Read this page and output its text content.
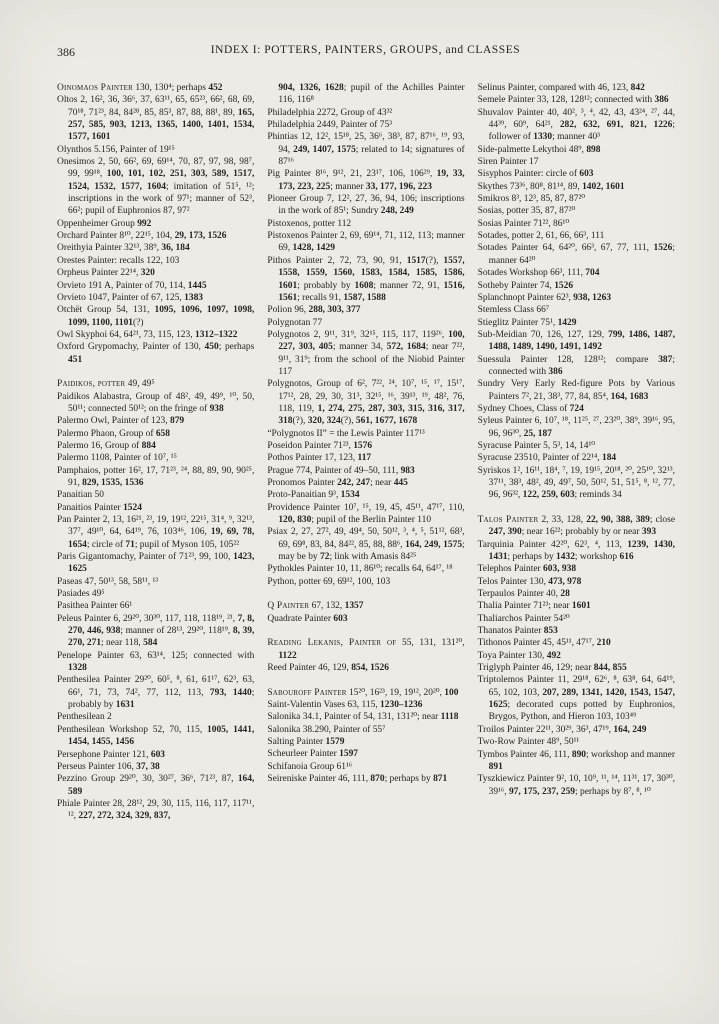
386	INDEX I: POTTERS, PAINTERS, GROUPS, and CLASSES
Oinomaos Painter 130, 130⁴; perhaps 452
Oltos 2, 16², 36, 36⁶, 37, 63¹¹, 65, 65²³, 66², 68, 69, 70¹⁸, 71²³, 84, 84²⁸, 85, 85³, 87, 88, 88¹, 89, 165, 257, 585, 903, 1213, 1365, 1400, 1401, 1534, 1577, 1601
Olynthos 5.156, Painter of 19¹⁵
Onesimos 2, 50, 66², 69, 69¹⁴, 70, 87, 97, 98, 98⁷, 99, 99¹⁸, 100, 101, 102, 251, 303, 589, 1517, 1524, 1532, 1577, 1604; imitation of 51⁵, ¹²; inscriptions in the work of 97¹; manner of 52³, 66²; pupil of Euphronios 87, 97²
Oppenheimer Group 992
Orchard Painter 8¹⁰, 22¹⁵, 104, 29, 173, 1526
Oreithyia Painter 32¹³, 38⁹, 36, 184
Orestes Painter: recalls 122, 103
Orpheus Painter 22¹⁴, 320
Orvieto 191 A, Painter of 70, 114, 1445
Orvieto 1047, Painter of 67, 125, 1383
Otchët Group 54, 131, 1095, 1096, 1097, 1098, 1099, 1100, 1101(?)
Owl Skyphoi 64, 64²¹, 73, 115, 123, 1312–1322
Oxford Grypomachy, Painter of 130, 450; perhaps 451
Paidikos, potter 49, 49⁵
Paidikos Alabastra, Group of 48², 49, 49⁹, ¹⁰, 50, 50¹¹; connected 50¹²; on the fringe of 938
Palermo Owl, Painter of 123, 879
Palermo Phaon, Group of 658
Palermo 16, Group of 884
Palermo 1108, Painter of 10⁷, ¹⁵
Pamphaios, potter 16², 17, 71²³, ²⁴, 88, 89, 90, 90²⁵, 91, 829, 1535, 1536
Panaitian 50
Panaitios Painter 1524
Pan Painter 2, 13, 16²¹, ²³, 19, 19¹², 22¹⁵, 31⁴, ⁹, 32¹³, 37⁷, 49¹⁰, 64, 64¹⁹, 76, 103⁴⁶, 106, 19, 69, 78, 1654; circle of 71; pupil of Myson 105, 105²²
Paris Gigantomachy, Painter of 71²³, 99, 100, 1423, 1625
Paseas 47, 50¹³, 58, 58¹¹, ¹³
Pasiades 49⁵
Pasithea Painter 66¹
Peleus Painter 6, 29²⁰, 30³⁰, 117, 118, 118¹⁹, ²¹, 7, 8, 270, 446, 938; manner of 28¹³, 29²⁰, 118¹⁹, 8, 39, 270, 271; near 118, 584
Penelope Painter 63, 63¹⁴, 125; connected with 1328
Penthesilea Painter 29²⁰, 60⁵, ⁸, 61, 61¹⁷, 62³, 63, 66¹, 71, 73, 74², 77, 112, 113, 793, 1440; probably by 1631
Penthesilean 2
Penthesilean Workshop 52, 70, 115, 1005, 1441, 1454, 1455, 1456
Persephone Painter 121, 603
Perseus Painter 106, 37, 38
Pezzino Group 29²⁰, 30, 30²⁷, 36⁶, 71²³, 87, 164, 589
Phiale Painter 28, 28¹², 29, 30, 115, 116, 117, 117¹¹, ¹², 227, 272, 324, 329, 837,
904, 1326, 1628; pupil of the Achilles Painter 116, 116⁸
Philadelphia 2272, Group of 43³²
Philadelphia 2449, Painter of 75³
Phintias 12, 12², 15¹⁸, 25, 36⁶, 38³, 87, 87¹⁶, ¹⁹, 93, 94, 249, 1407, 1575; related to 14; signatures of 87¹⁶
Pig Painter 8¹⁶, 9¹², 21, 23¹⁷, 106, 106²⁹, 19, 33, 173, 223, 225; manner 33, 177, 196, 223
Pioneer Group 7, 12², 27, 36, 94, 106; inscriptions in the work of 85¹; Sundry 248, 249
Pistoxenos, potter 112
Pistoxenos Painter 2, 69, 69¹⁴, 71, 112, 113; manner 69, 1428, 1429
Pithos Painter 2, 72, 73, 90, 91, 1517(?), 1557, 1558, 1559, 1560, 1583, 1584, 1585, 1586, 1601; probably by 1608; manner 72, 91, 1516, 1561; recalls 91, 1587, 1588
Polion 96, 288, 303, 377
Polygnotan 77
Polygnotos 2, 9¹¹, 31⁹, 32¹⁵, 115, 117, 119²⁶, 100, 227, 303, 405; manner 34, 572, 1684; near 7²², 9¹¹, 31⁹; from the school of the Niobid Painter 117
Polygnotos, Group of 6², 7²², ²⁴, 10⁷, ¹⁵, ¹⁷, 15¹⁷, 17¹², 28, 29, 30, 31³, 32¹⁵, ¹⁶, 39¹³, ¹⁹, 48², 76, 118, 119, 1, 274, 275, 287, 303, 315, 316, 317, 318(?), 320, 324(?), 561, 1677, 1678
“Polygnotos II” = the Lewis Painter 117¹³
Poseidon Painter 71²³, 1576
Pothos Painter 17, 123, 117
Prague 774, Painter of 49–50, 111, 983
Pronomos Painter 242, 247; near 445
Proto-Panaitian 9³, 1534
Providence Painter 10⁷, ¹⁵, 19, 45, 45¹¹, 47¹⁷, 110, 120, 830; pupil of the Berlin Painter 110
Psiax 2, 27, 27², 49, 49⁴, 50, 50¹², ³, ⁴, ⁵, 51¹², 68³, 69, 69⁸, 83, 84, 84²², 85, 88, 88⁶, 164, 249, 1575; may be by 72; link with Amasis 84²⁵
Pythokles Painter 10, 11, 86¹⁰; recalls 64, 64¹⁷, ¹⁸
Python, potter 69, 69¹², 100, 103
Q Painter 67, 132, 1357
Quadrate Painter 603
Reading Lekanis, Painter of 55, 131, 131²⁰, 1122
Reed Painter 46, 129, 854, 1526
Sabouroff Painter 15²⁰, 16²³, 19, 19¹², 20²⁰, 100
Saint-Valentin Vases 63, 115, 1230–1236
Salonika 34.1, Painter of 54, 131, 131²⁰; near 1118
Salonika 38.290, Painter of 55⁷
Salting Painter 1579
Scheurleer Painter 1597
Schifanoia Group 61¹⁶
Seireniske Painter 46, 111, 870; perhaps by 871
Selinus Painter, compared with 46, 123, 842
Semele Painter 33, 128, 128¹²; connected with 386
Shuvalov Painter 40, 40², ³, ⁴, 42, 43, 43²⁴, ²⁷, 44, 44³⁹, 60⁹, 64²¹, 282, 632, 691, 821, 1226; follower of 1330; manner 40³
Side-palmette Lekythoi 48⁹, 898
Siren Painter 17
Sisyphos Painter: circle of 603
Skythes 73³⁶, 80⁸, 81¹⁴, 89, 1402, 1601
Smikros 8³, 12³, 85, 87, 87²⁰
Sosias, potter 35, 87, 87²⁰
Sosias Painter 71²², 86¹⁰
Sotades, potter 2, 61, 66, 66³, 111
Sotades Painter 64, 64²⁰, 66³, 67, 77, 111, 1526; manner 64²⁰
Sotades Workshop 66³, 111, 704
Sotheby Painter 74, 1526
Splanchnopt Painter 62³, 938, 1263
Stemless Class 66⁷
Stieglitz Painter 75¹, 1429
Sub-Meidian 70, 126, 127, 129, 799, 1486, 1487, 1488, 1489, 1490, 1491, 1492
Suessula Painter 128, 128¹²; compare 387; connected with 386
Sundry Very Early Red-figure Pots by Various Painters 7², 21, 38³, 77, 84, 85⁴, 164, 1683
Sydney Choes, Class of 724
Syleus Painter 6, 10⁷, ¹⁸, 11²⁵, ²⁷, 23²⁰, 38⁹, 39¹⁶, 95, 96, 96³⁰, 25, 187
Syracuse Painter 5, 5³, 14, 14¹⁰
Syracuse 23510, Painter of 22¹⁴, 184
Syriskos 1², 16¹¹, 18⁴, ⁷, 19, 19¹⁵, 20¹⁸, ²⁰, 25¹⁰, 32¹³, 37¹¹, 38³, 48², 49, 49⁷, 50, 50¹², 51, 51⁵, ⁸, ¹², 77, 96, 96³², 122, 259, 603; reminds 34
Talos Painter 2, 33, 128, 22, 90, 388, 389; close 247, 390; near 16²²; probably by or near 393
Tarquinia Painter 42²⁰, 62³, ⁴, 113, 1239, 1430, 1431; perhaps by 1432; workshop 616
Telephos Painter 603, 938
Telos Painter 130, 473, 978
Terpaulos Painter 40, 28
Thalia Painter 71²³; near 1601
Thaliarchos Painter 54²⁰
Thanatos Painter 853
Tithonos Painter 45, 45¹¹, 47¹⁷, 210
Toya Painter 130, 492
Triglyph Painter 46, 129; near 844, 855
Triptolemos Painter 11, 29¹⁸, 62⁶, ⁸, 63⁸, 64, 64¹⁹, 65, 102, 103, 207, 289, 1341, 1420, 1543, 1547, 1625; decorated cups potted by Euphronios, Brygos, Python, and Hieron 103, 103⁴⁹
Troilos Painter 22¹¹, 30²⁹, 36³, 47¹⁹, 164, 249
Two-Row Painter 48⁹, 50¹¹
Tymbos Painter 46, 111, 890; workshop and manner 891
Tyszkiewicz Painter 9², 10, 10⁹, ¹¹, ¹⁴, 11³¹, 17, 30³⁰, 39¹⁶, 97, 175, 237, 259; perhaps by 8⁷, ⁸, ¹⁰
